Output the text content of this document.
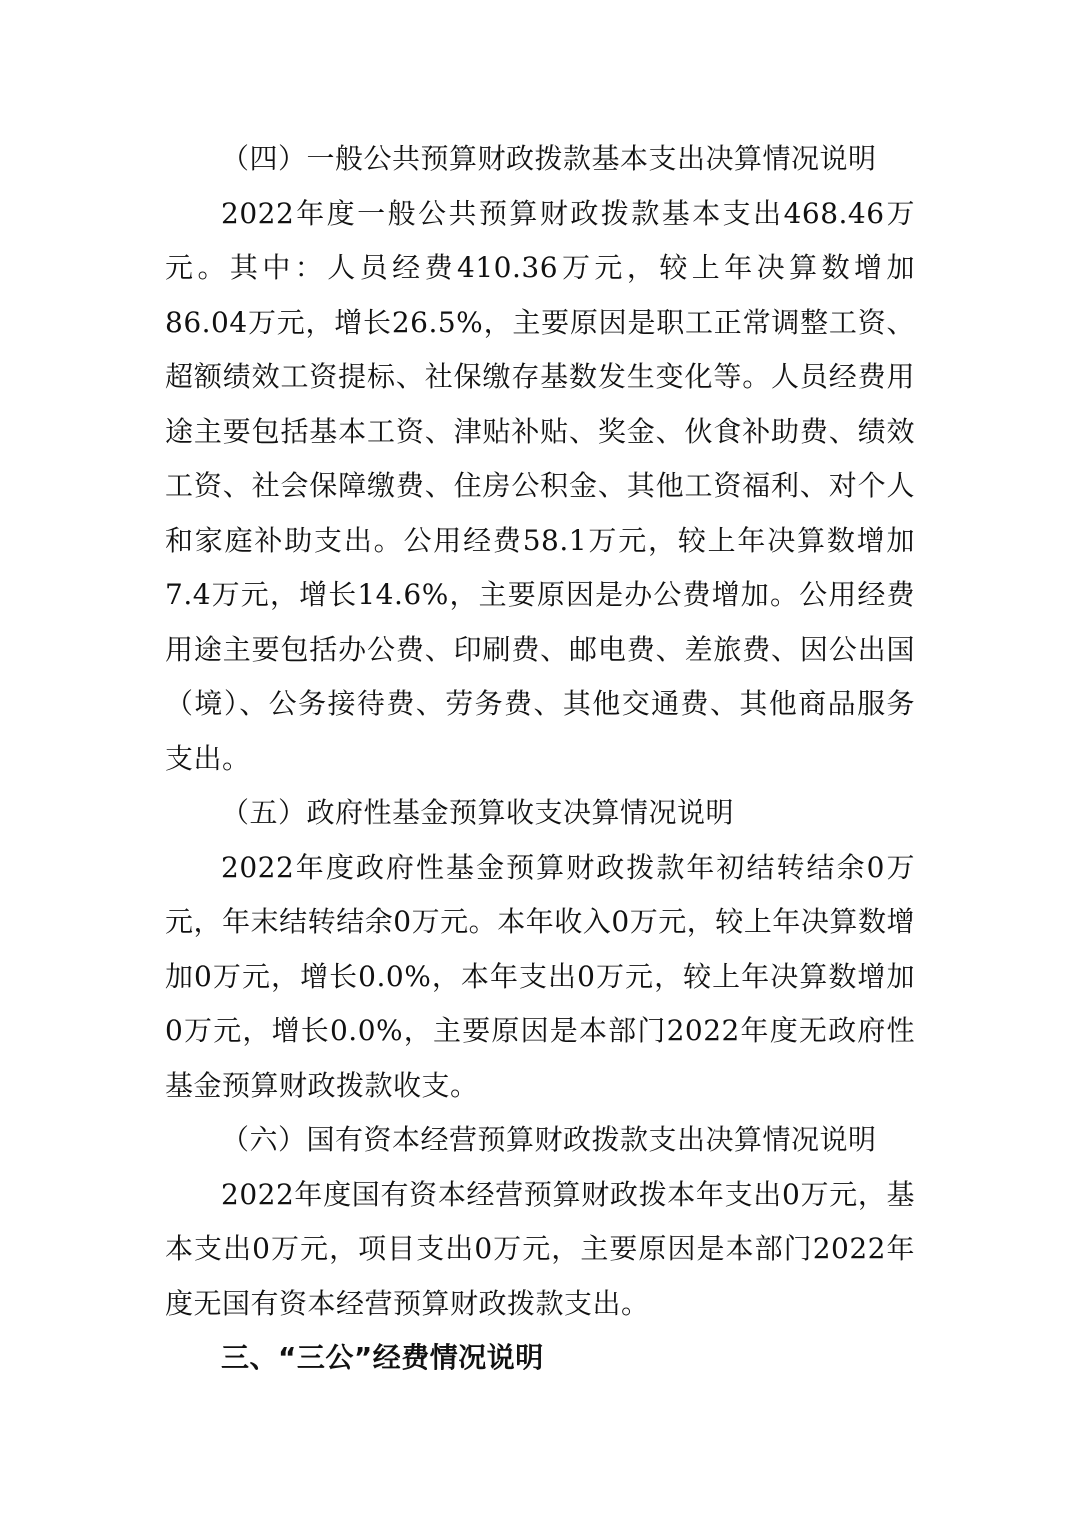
（四）一般公共预算财政拨款基本支出决算情况说明

2022年度一般公共预算财政拨款基本支出468.46万元。其中：人员经费410.36万元，较上年决算数增加86.04万元，增长26.5%，主要原因是职工正常调整工资、超额绩效工资提标、社保缴存基数发生变化等。人员经费用途主要包括基本工资、津贴补贴、奖金、伙食补助费、绩效工资、社会保障缴费、住房公积金、其他工资福利、对个人和家庭补助支出。公用经费58.1万元，较上年决算数增加7.4万元，增长14.6%，主要原因是办公费增加。公用经费用途主要包括办公费、印刷费、邮电费、差旅费、因公出国（境）、公务接待费、劳务费、其他交通费、其他商品服务支出。

（五）政府性基金预算收支决算情况说明

2022年度政府性基金预算财政拨款年初结转结余0万元，年末结转结余0万元。本年收入0万元，较上年决算数增加0万元，增长0.0%，本年支出0万元，较上年决算数增加0万元，增长0.0%，主要原因是本部门2022年度无政府性基金预算财政拨款收支。

（六）国有资本经营预算财政拨款支出决算情况说明

2022年度国有资本经营预算财政拨本年支出0万元，基本支出0万元，项目支出0万元，主要原因是本部门2022年度无国有资本经营预算财政拨款支出。

三、“三公”经费情况说明
